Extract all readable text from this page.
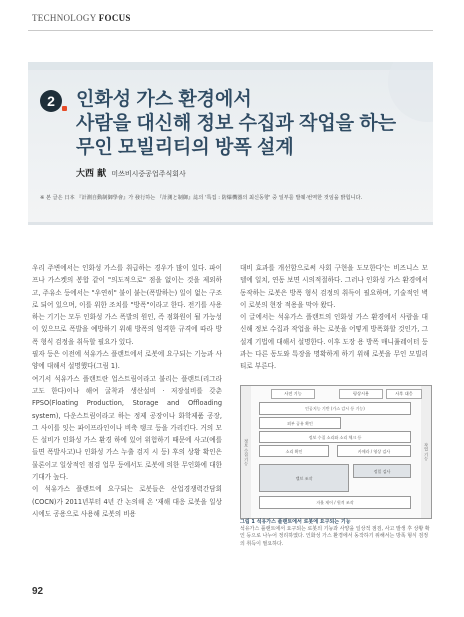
TECHNOLOGY FOCUS
2	인화성 가스 환경에서
사람을 대신해 정보 수집과 작업을 하는
무인 모빌리티의 방폭 설계
大西 献 미쓰비시중공업주식회사
※ 본 글은 日本 『計測自動制御學會』가 發行하는 『計測と制御』誌의 '특집 : 防爆機器의 최신동향' 중 일부를 발췌·번역한 것임을 밝힙니다.

우리 주변에서는 인화성 가스를 취급하는 경우가 많이 있다. 파이프나 가스켓의 봉합 같이 "의도적으로" 점을 없이는 것을 제외하고, 주유소 등에서는 "우연히" 불이 붙는(폭발하는) 일이 없는 구조로 되어 있으며, 이를 위한 조치를 "방폭"이라고 한다. 전기를 사용하는 기기는 모두 인화성 가스 폭발의 원인, 즉 점화원이 될 가능성이 있으므로 폭발을 예방하기 위해 방폭의 엄격한 규격에 따라 방폭 형식 검정을 취득할 필요가 있다.

필자 등은 이전에 석유가스 플랜트에서 로봇에 요구되는 기능과 사양에 대해서 설명했다(그림 1).

여기서 석유가스 플랜트란 업스트림이라고 불리는 플랜트(리그라고도 한다)이나 해여 굴착과 생산설비 · 저장설비를 갖춘 FPSO(Floating Production, Storage and Offloading system), 다운스트림이라고 하는 정제 공장이나 화학제품 공장, 그 사이를 잇는 파이프라인이나 비축 탱크 등을 가리킨다. 거의 모든 설비가 인화성 가스 환경 하에 있어 위험하기 때문에 사고(예를 들면 폭발사고)나 인화성 가스 누출 검지 시 등) 후의 상황 확인은 물론이고 일상적인 점검 업무 등에서도 로봇에 의한 무인화에 대한 기대가 높다.

이 석유가스 플랜트에 요구되는 로봇들은 산업경쟁력간담회(COCN)가 2011년부터 4년 간 논의해 온 '재해 대응 로봇을 일상시에도 공용으로 사용해 로봇의 비용

대비 효과를 개선함으로써 사회 구현을 도모한다'는 비즈니스 모델에 일치, 연동 보면 시의적절하다. 그러나 인화성 가스 환경에서 동작하는 로봇은 방폭 형식 검정의 취득이 필요하며, 기술적인 벽이 로봇의 현장 적용을 막아 왔다.

이 글에서는 석유가스 플랜트의 인화성 가스 환경에서 사람을 대신해 정보 수집과 작업을 하는 로봇을 어떻게 방폭화할 것인가, 그 설계 기법에 대해서 설명한다. 이후 도장 용 방폭 매니퓰레이터 등과는 다른 동도와 특장을 명확하게 하기 위해 로봇을 무인 모빌리티로 부른다.

정보 수집 기능	작업 기능
사전 기능	평상시용	사후 대응
인공지능 기반 (가스 감시 등 기능)
외부 공유 확인
정보 수집 소리와 소리 체크 등
소리 확인	카메라 / 영상 검사
밸브 조작
정밀 검사
자율 제어 / 원격 조작
그림 1 석유가스 플랜트에서 로봇에 요구되는 기능
석유가스 플랜트에서 요구되는 로봇의 기능과 사양을 일상적 점검, 사고 발생 후 상황 확인 등으로 나누어 정리하였다. 인화성 가스 환경에서 동작하기 위해서는 방폭 형식 검정의 취득이 필요하다.
92
